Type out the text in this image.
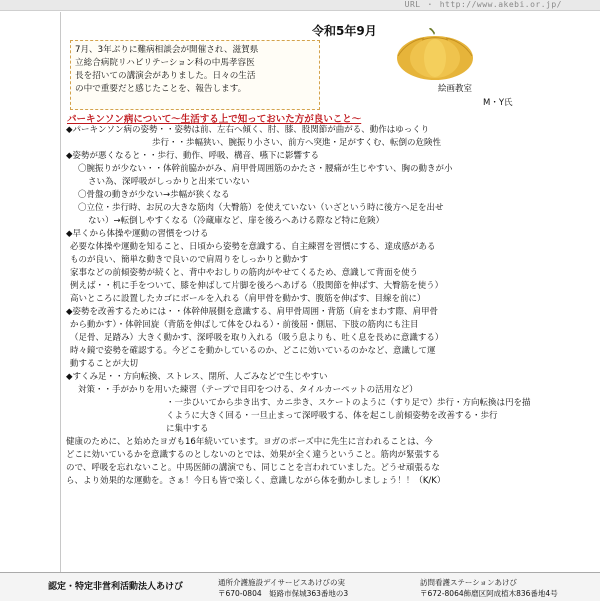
URL ・ http://www.akebi.or.jp/
令和5年9月
7月、3年ぶりに難病相談会が開催され、滋賀県
立総合病院リハビリテーション科の中馬孝容医
長を招いての講演会がありました。日々の生活
の中で重要だと感じたことを、報告します。	絵画教室
M・Y氏
パーキンソン病について～生活する上で知っておいた方が良いこと～
◆パーキンソン病の姿勢・・姿勢は前、左右へ傾く、肘、膝、股関節が曲がる、動作はゆっくり
歩行・・歩幅狭い、腕振り小さい、前方へ突進・足がすくむ、転倒の危険性
◆姿勢が悪くなると・・歩行、動作、呼吸、構音、嚥下に影響する
〇腕振りが少ない・・体幹前脇かがみ、肩甲骨周囲筋のかたさ・腰痛が生じやすい、胸の動きが小
さい為、深呼吸がしっかりと出来ていない
〇骨盤の動きが少ない→歩幅が狭くなる
〇立位・歩行時、お尻の大きな筋肉（大臀筋）を使えていない（いざという時に後方へ足を出せ
ない）→転倒しやすくなる（冷蔵庫など、扉を後ろへあける際など特に危険）
◆早くから体操や運動の習慣をつける
必要な体操や運動を知ること、日頃から姿勢を意識する、自主練習を習慣にする、達成感がある
ものが良い、簡単な動きで良いので肩周りをしっかりと動かす
家事などの前傾姿勢が続くと、背中やおしりの筋肉がやせてくるため、意識して背面を使う
例えば・・机に手をついて、膝を伸ばして片脚を後ろへあげる（股関節を伸ばす、大臀筋を使う）
高いところに設置したカゴにボールを入れる（肩甲骨を動かす、腹筋を伸ばす、目線を前に）
◆姿勢を改善するためには・・体幹伸展側を意識する、肩甲骨周囲・背筋（肩をまわす際、肩甲骨
から動かす）・体幹回旋（背筋を伸ばして体をひねる）・前後屈・側屈、下肢の筋肉にも注目
（足骨、足踏み）大きく動かす、深呼吸を取り入れる（吸う息よりも、吐く息を長めに意識する）
時々鏡で姿勢を確認する。今どこを動かしているのか、どこに効いているのかなど、意識して運
動することが大切
◆すくみ足・・方向転換、ストレス、閉所、人ごみなどで生じやすい
対策・・手がかりを用いた練習（テープで目印をつける、タイルカーペットの活用など）
・一歩ひいてから歩き出す、カニ歩き、スケートのように（すり足で）歩行・方向転換は円を描
くように大きく回る・一旦止まって深呼吸する、体を起こし前傾姿勢を改善する・歩行
に集中する
健康のために、と始めたヨガも16年続いています。ヨガのポーズ中に先生に言われることは、今
どこに効いているかを意識するのとしないのとでは、効果が全く違うということ。筋肉が緊張する
ので、呼吸を忘れないこと。中馬医師の講演でも、同じことを言われていました。どうせ頑張るな
ら、より効果的な運動を。さぁ！今日も皆で楽しく、意識しながら体を動かしましょう！！（K/K）
認定・特定非営利活動法人あけび	通所介護施設デイサービスあけびの実
〒670-0804　姫路市保城363番地の3
訪問看護ステーションあけび
〒672-8064飾磨区阿成植木836番地4号
